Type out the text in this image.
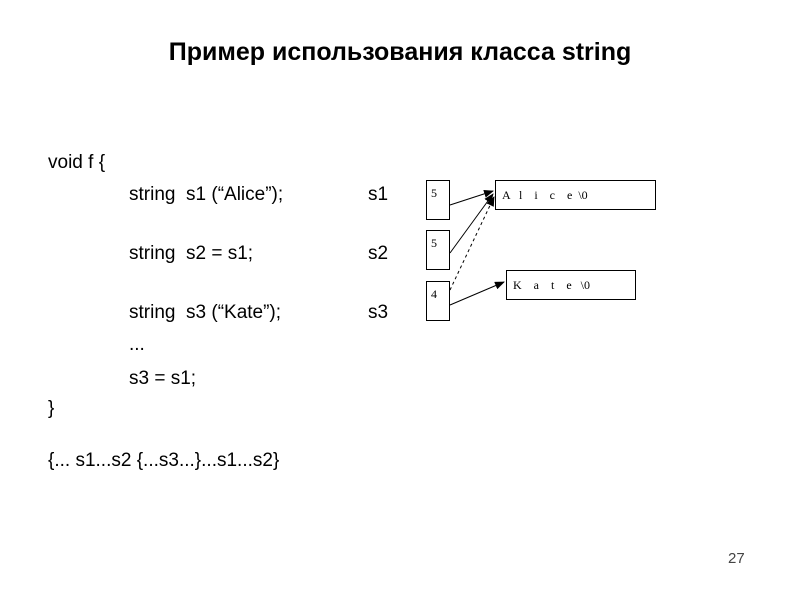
Пример использования класса string
void f {
string  s1 (“Alice”);
string  s2 = s1;
string  s3 (“Kate”);
...
s3 = s1;
}
{... s1...s2 {...s3...}...s1...s2}
s1
s2
s3
5
5
4
A   l    i    c    e  \0
K    a    t    e   \0
27
